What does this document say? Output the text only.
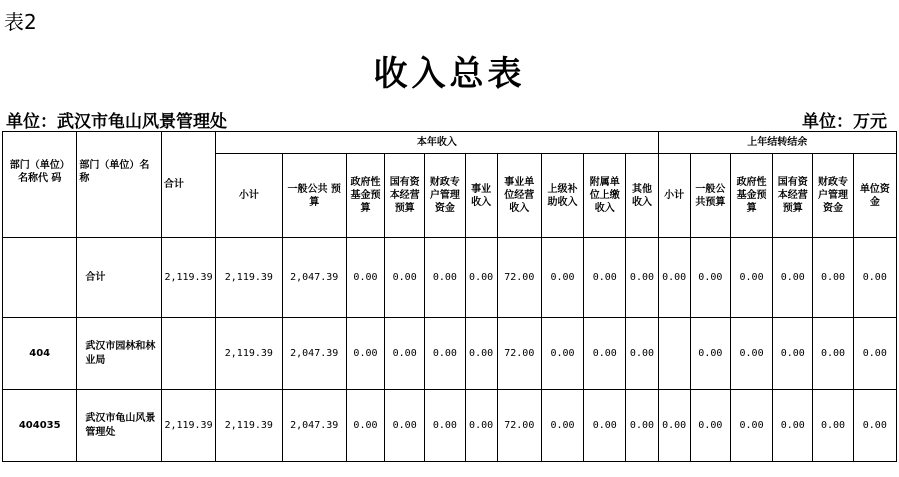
表2
收入总表
单位：武汉市龟山风景管理处	单位：万元
部门（单位）名称代 码	部门（单位）名称	合计	本年收入										上年结转结余					
			小计	一般公共 预算	政府性基金预算	国有资本经营预算	财政专户管理资金	事业收入	事业单位经营收入	上级补助收入	附属单位上缴收入	其他收入	小计	一般公共预算	政府性基金预算	国有资本经营预算	财政专户管理资金	单位资金
	合计	2,119.39	2,119.39	2,047.39	0.00	0.00	0.00	0.00	72.00	0.00	0.00	0.00	0.00	0.00	0.00	0.00	0.00	0.00
404	武汉市园林和林业局		2,119.39	2,047.39	0.00	0.00	0.00	0.00	72.00	0.00	0.00	0.00		0.00	0.00	0.00	0.00	0.00
404035	武汉市龟山风景管理处	2,119.39	2,119.39	2,047.39	0.00	0.00	0.00	0.00	72.00	0.00	0.00	0.00	0.00	0.00	0.00	0.00	0.00	0.00
